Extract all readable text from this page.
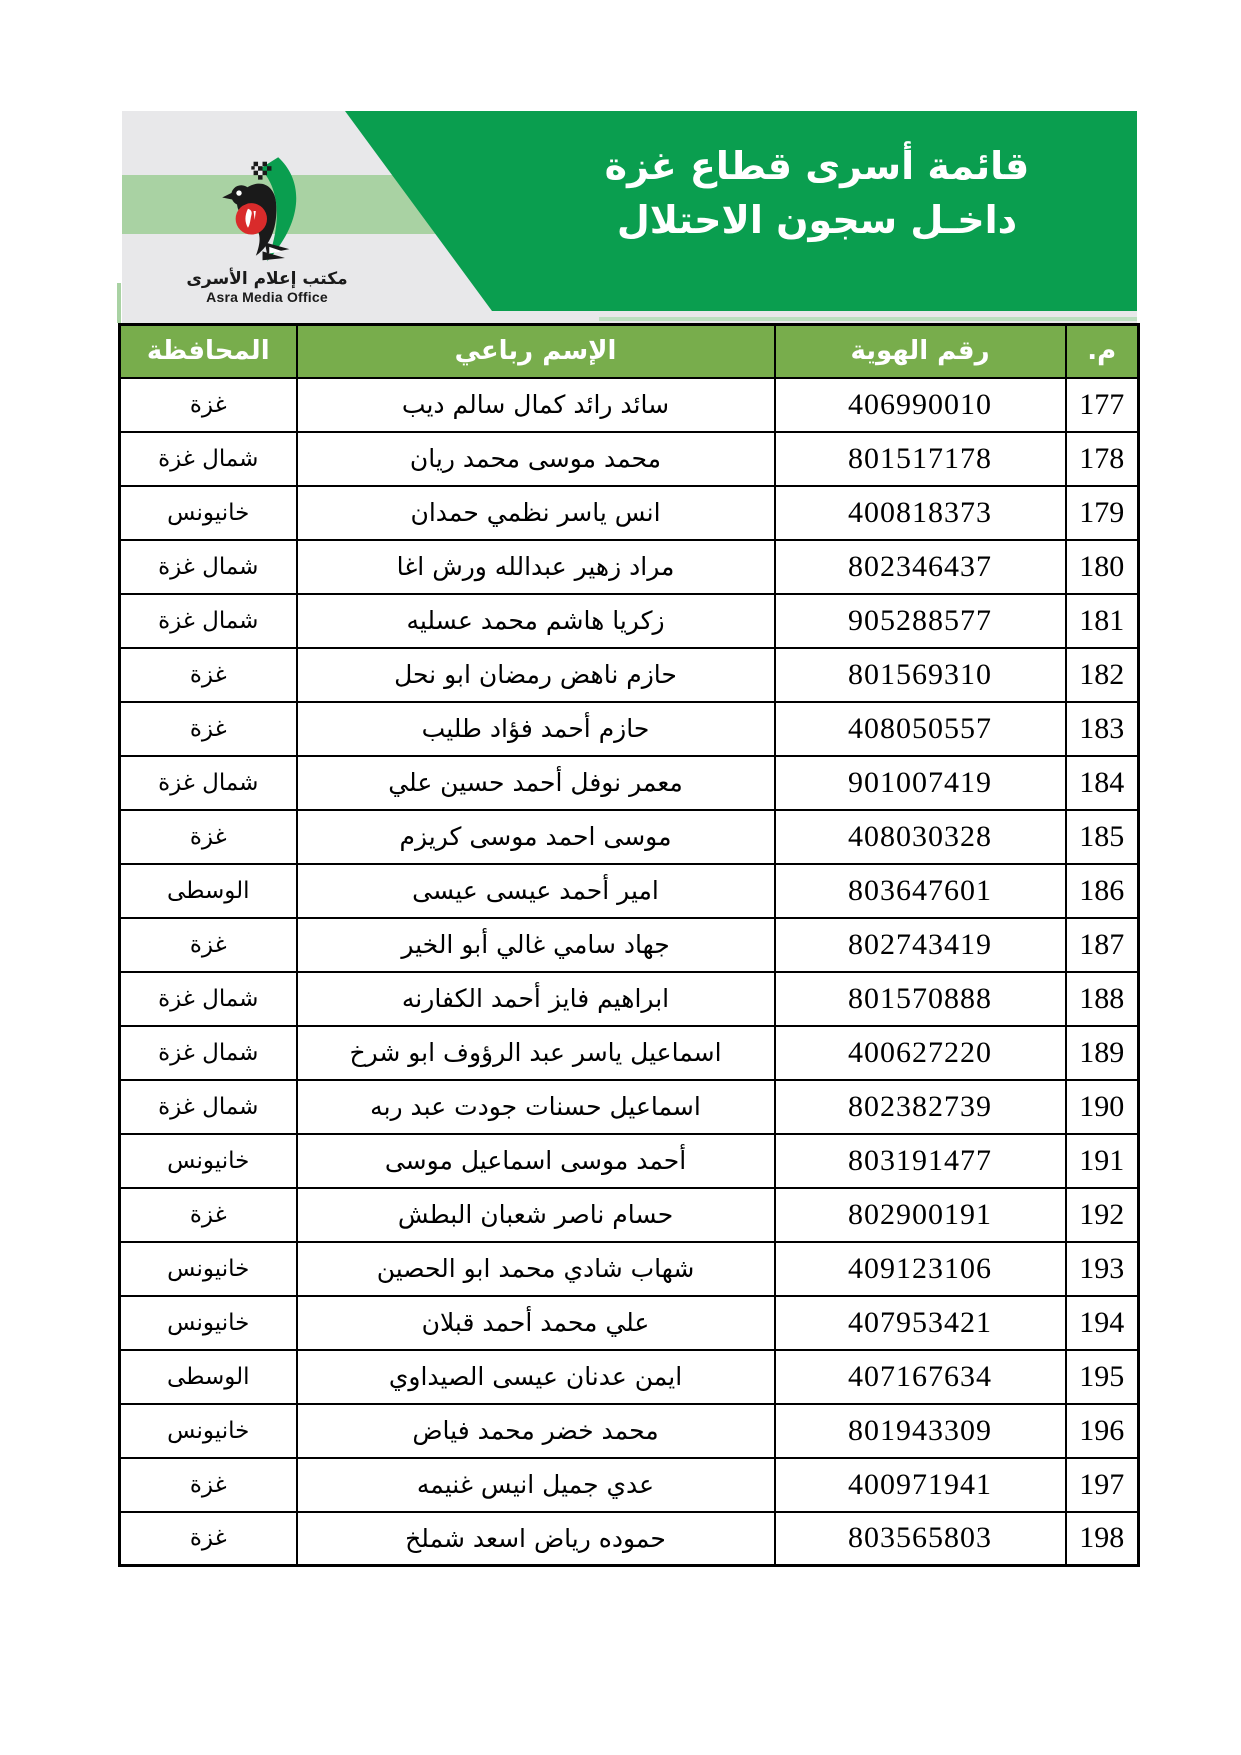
قائمة أسرى قطاع غزة
داخـل سجون الاحتلال
مكتب إعلام الأسرى
Asra Media Office
م.	رقم الهوية	الإسم رباعي	المحافظة
177	406990010	سائد رائد كمال سالم ديب	غزة
178	801517178	محمد موسى محمد ريان	شمال غزة
179	400818373	انس ياسر نظمي حمدان	خانيونس
180	802346437	مراد زهير عبدالله ورش اغا	شمال غزة
181	905288577	زكريا هاشم محمد عسليه	شمال غزة
182	801569310	حازم ناهض رمضان ابو نحل	غزة
183	408050557	حازم أحمد فؤاد طليب	غزة
184	901007419	معمر نوفل أحمد حسين علي	شمال غزة
185	408030328	موسى احمد موسى كريزم	غزة
186	803647601	امير أحمد عيسى عيسى	الوسطى
187	802743419	جهاد سامي غالي أبو الخير	غزة
188	801570888	ابراهيم فايز أحمد الكفارنه	شمال غزة
189	400627220	اسماعيل ياسر عبد الرؤوف ابو شرخ	شمال غزة
190	802382739	اسماعيل حسنات جودت عبد ربه	شمال غزة
191	803191477	أحمد موسى اسماعيل موسى	خانيونس
192	802900191	حسام ناصر شعبان البطش	غزة
193	409123106	شهاب شادي محمد ابو الحصين	خانيونس
194	407953421	علي محمد أحمد قبلان	خانيونس
195	407167634	ايمن عدنان عيسى الصيداوي	الوسطى
196	801943309	محمد خضر محمد فياض	خانيونس
197	400971941	عدي جميل انيس غنيمه	غزة
198	803565803	حموده رياض اسعد شملخ	غزة
